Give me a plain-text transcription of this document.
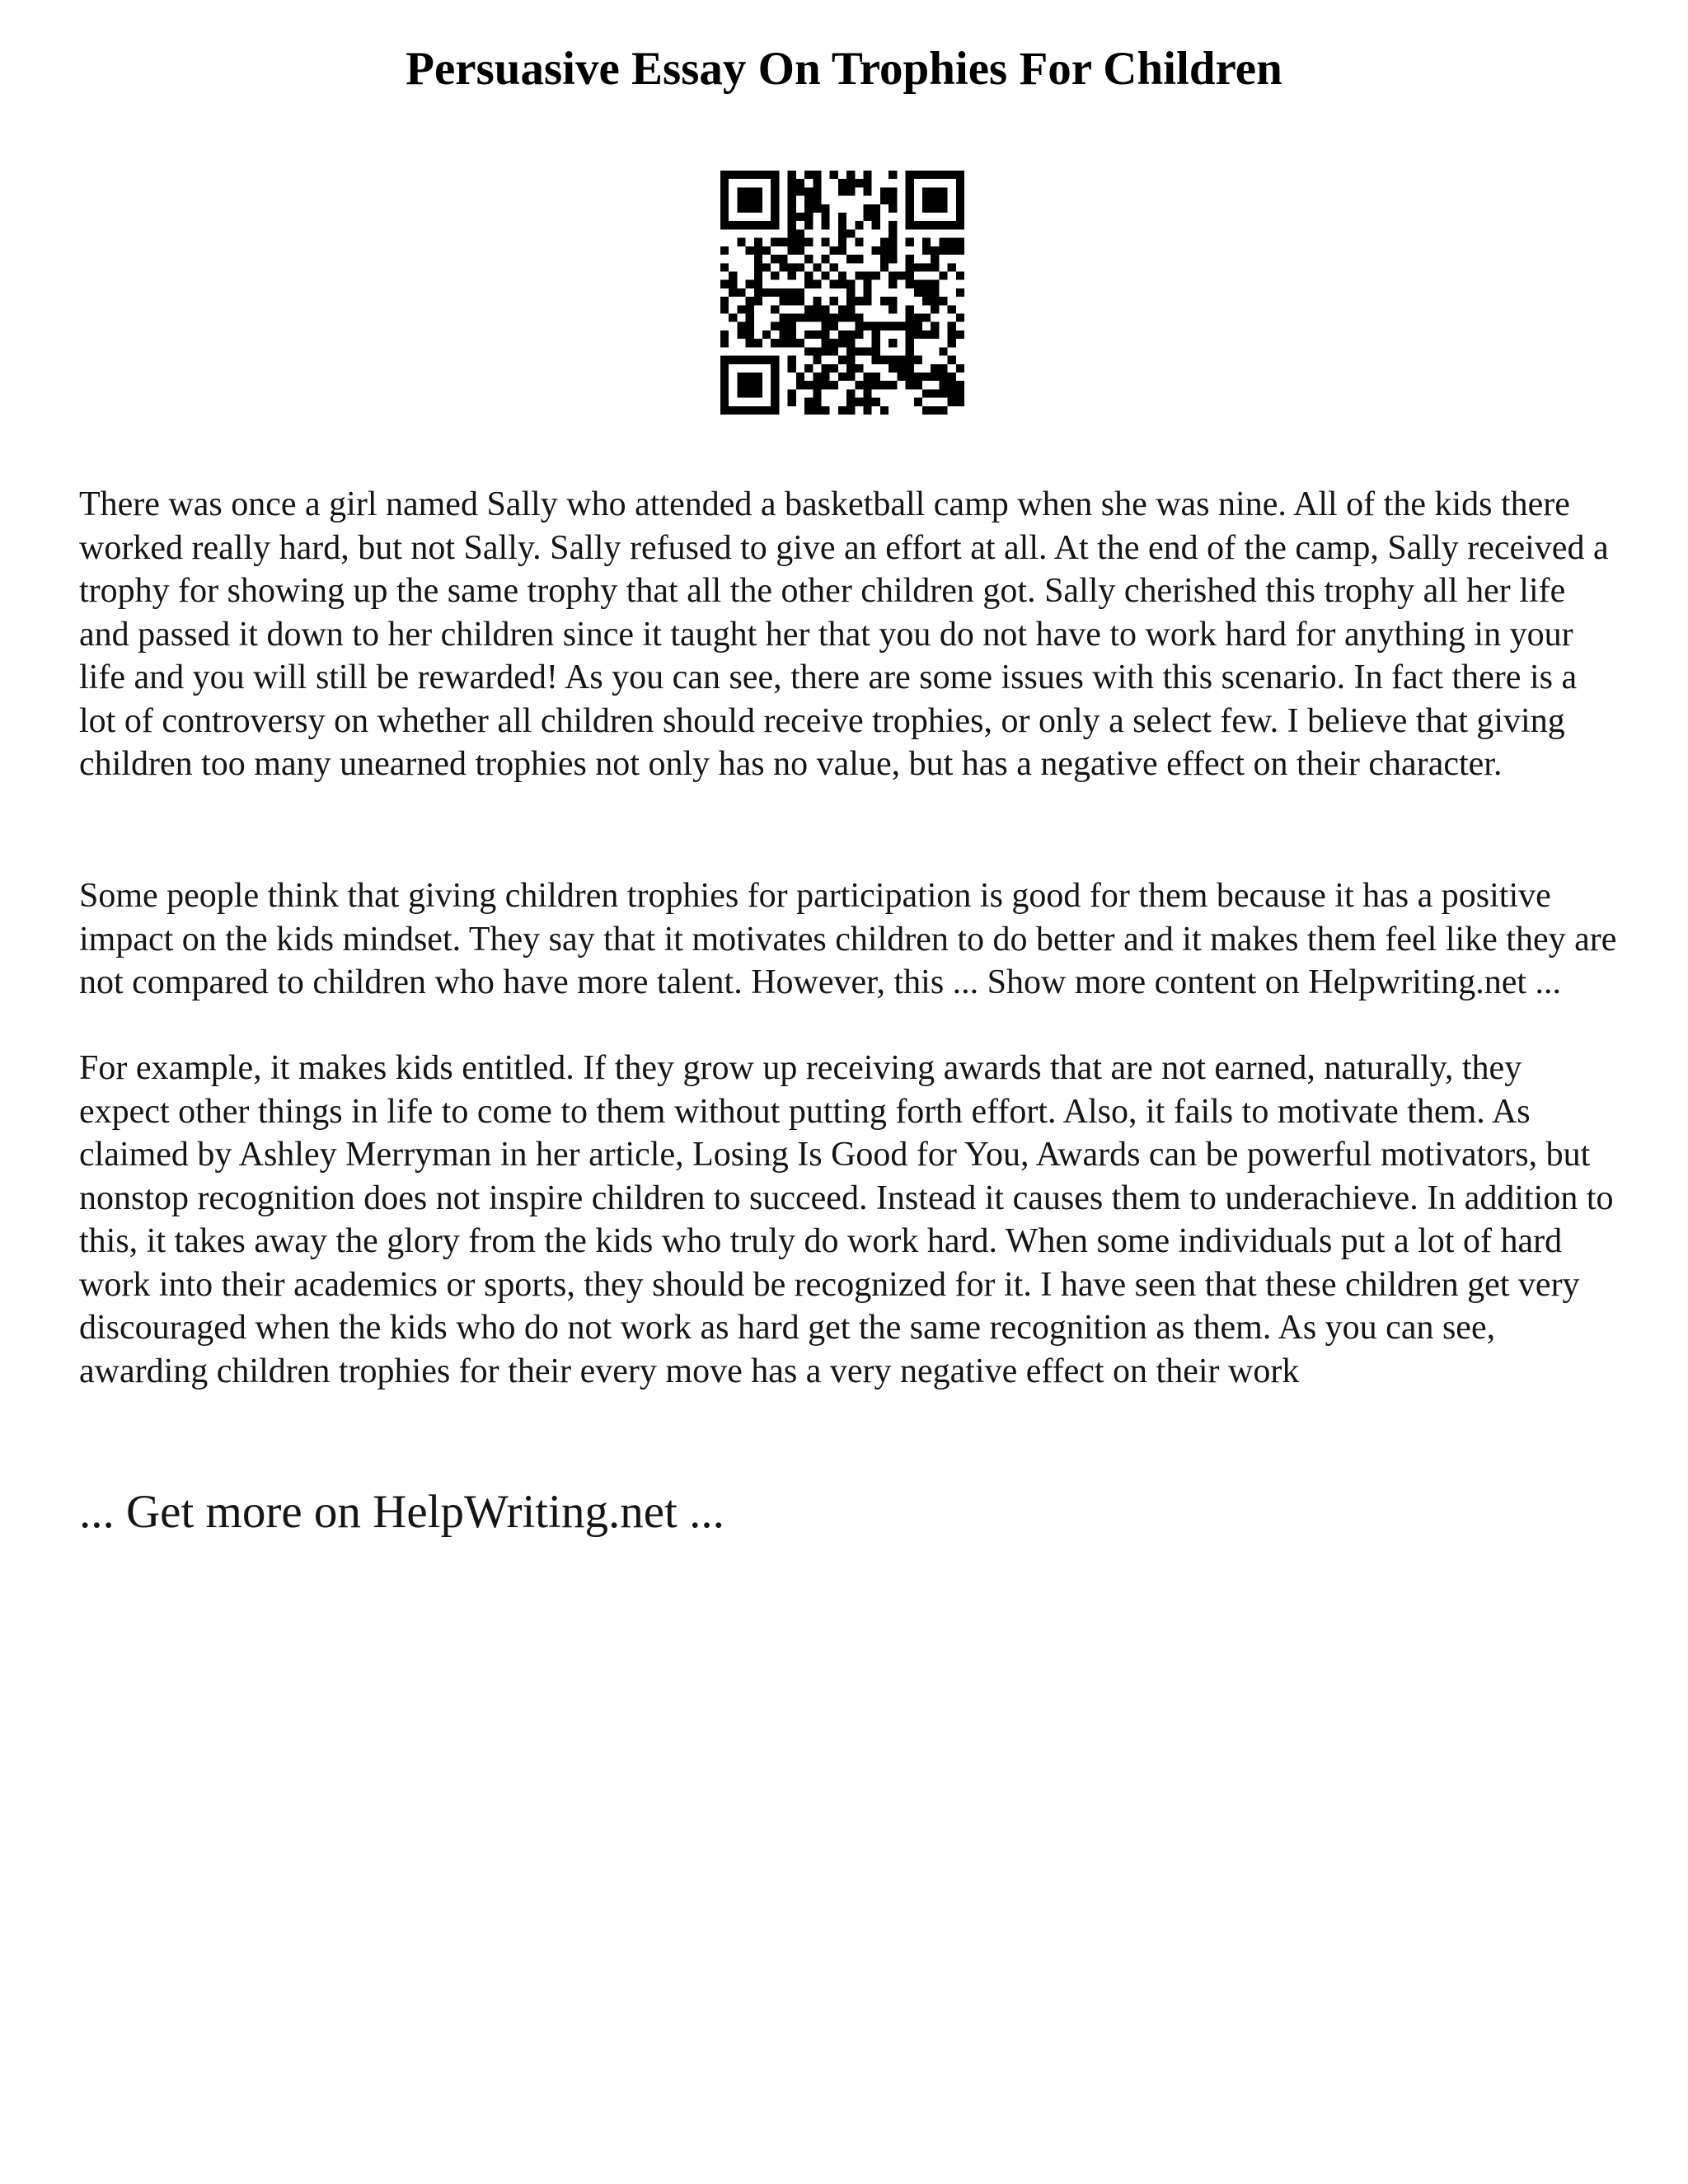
Persuasive Essay On Trophies For Children

There was once a girl named Sally who attended a basketball camp when she was nine. All of the kids there worked really hard, but not Sally. Sally refused to give an effort at all. At the end of the camp, Sally received a trophy for showing up the same trophy that all the other children got. Sally cherished this trophy all her life and passed it down to her children since it taught her that you do not have to work hard for anything in your life and you will still be rewarded! As you can see, there are some issues with this scenario. In fact there is a lot of controversy on whether all children should receive trophies, or only a select few. I believe that giving children too many unearned trophies not only has no value, but has a negative effect on their character.

Some people think that giving children trophies for participation is good for them because it has a positive impact on the kids mindset. They say that it motivates children to do better and it makes them feel like they are not compared to children who have more talent. However, this ... Show more content on Helpwriting.net ...

For example, it makes kids entitled. If they grow up receiving awards that are not earned, naturally, they expect other things in life to come to them without putting forth effort. Also, it fails to motivate them. As claimed by Ashley Merryman in her article, Losing Is Good for You, Awards can be powerful motivators, but nonstop recognition does not inspire children to succeed. Instead it causes them to underachieve. In addition to this, it takes away the glory from the kids who truly do work hard. When some individuals put a lot of hard work into their academics or sports, they should be recognized for it. I have seen that these children get very discouraged when the kids who do not work as hard get the same recognition as them. As you can see, awarding children trophies for their every move has a very negative effect on their work

... Get more on HelpWriting.net ...
